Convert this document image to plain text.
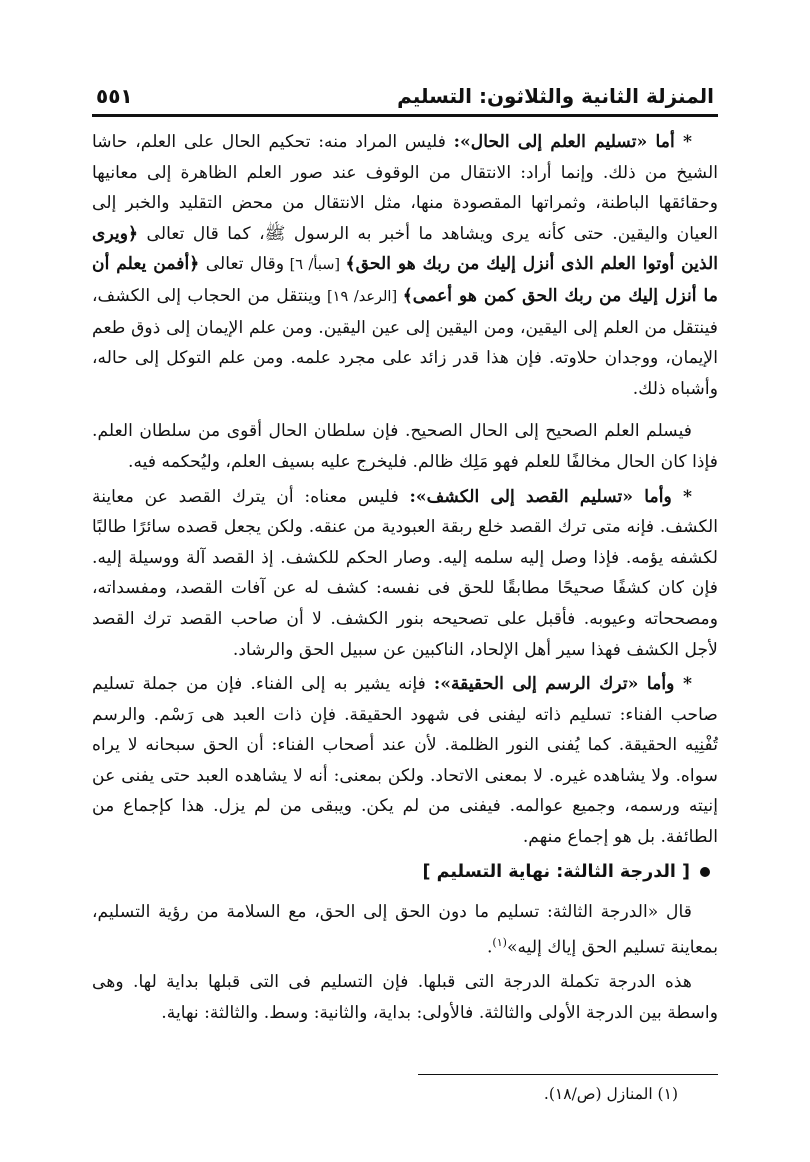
المنزلة الثانية والثلاثون: التسليم
٥٥١

* أما «تسليم العلم إلى الحال»: فليس المراد منه: تحكيم الحال على العلم، حاشا الشيخ من ذلك. وإنما أراد: الانتقال من الوقوف عند صور العلم الظاهرة إلى معانيها وحقائقها الباطنة، وثمراتها المقصودة منها، مثل الانتقال من محض التقليد والخبر إلى العيان واليقين. حتى كأنه يرى ويشاهد ما أخبر به الرسول ﷺ، كما قال تعالى ﴿ويرى الذين أوتوا العلم الذى أنزل إليك من ربك هو الحق﴾ [سبأ/ ٦] وقال تعالى ﴿أفمن يعلم أن ما أنزل إليك من ربك الحق كمن هو أعمى﴾ [الرعد/ ١٩] وينتقل من الحجاب إلى الكشف، فينتقل من العلم إلى اليقين، ومن اليقين إلى عين اليقين. ومن علم الإيمان إلى ذوق طعم الإيمان، ووجدان حلاوته. فإن هذا قدر زائد على مجرد علمه. ومن علم التوكل إلى حاله، وأشباه ذلك.

فيسلم العلم الصحيح إلى الحال الصحيح. فإن سلطان الحال أقوى من سلطان العلم. فإذا كان الحال مخالفًا للعلم فهو مَلِك ظالم. فليخرج عليه بسيف العلم، وليُحكمه فيه.

* وأما «تسليم القصد إلى الكشف»: فليس معناه: أن يترك القصد عن معاينة الكشف. فإنه متى ترك القصد خلع ربقة العبودية من عنقه. ولكن يجعل قصده سائرًا طالبًا لكشفه يؤمه. فإذا وصل إليه سلمه إليه. وصار الحكم للكشف. إذ القصد آلة ووسيلة إليه. فإن كان كشفًا صحيحًا مطابقًا للحق فى نفسه: كشف له عن آفات القصد، ومفسداته، ومصححاته وعيوبه. فأقبل على تصحيحه بنور الكشف. لا أن صاحب القصد ترك القصد لأجل الكشف فهذا سير أهل الإلحاد، الناكبين عن سبيل الحق والرشاد.

* وأما «ترك الرسم إلى الحقيقة»: فإنه يشير به إلى الفناء. فإن من جملة تسليم صاحب الفناء: تسليم ذاته ليفنى فى شهود الحقيقة. فإن ذات العبد هى رَسْم. والرسم تُفْنِيه الحقيقة. كما يُفنى النور الظلمة. لأن عند أصحاب الفناء: أن الحق سبحانه لا يراه سواه. ولا يشاهده غيره. لا بمعنى الاتحاد. ولكن بمعنى: أنه لا يشاهده العبد حتى يفنى عن إنيته ورسمه، وجميع عوالمه. فيفنى من لم يكن. ويبقى من لم يزل. هذا كإجماع من الطائفة. بل هو إجماع منهم.

[ الدرجة الثالثة: نهاية التسليم ]

قال «الدرجة الثالثة: تسليم ما دون الحق إلى الحق، مع السلامة من رؤية التسليم، بمعاينة تسليم الحق إياك إليه»$^{(١)}$.

هذه الدرجة تكملة الدرجة التى قبلها. فإن التسليم فى التى قبلها بداية لها. وهى واسطة بين الدرجة الأولى والثالثة. فالأولى: بداية، والثانية: وسط. والثالثة: نهاية.

(١) المنازل (ص/١٨).
